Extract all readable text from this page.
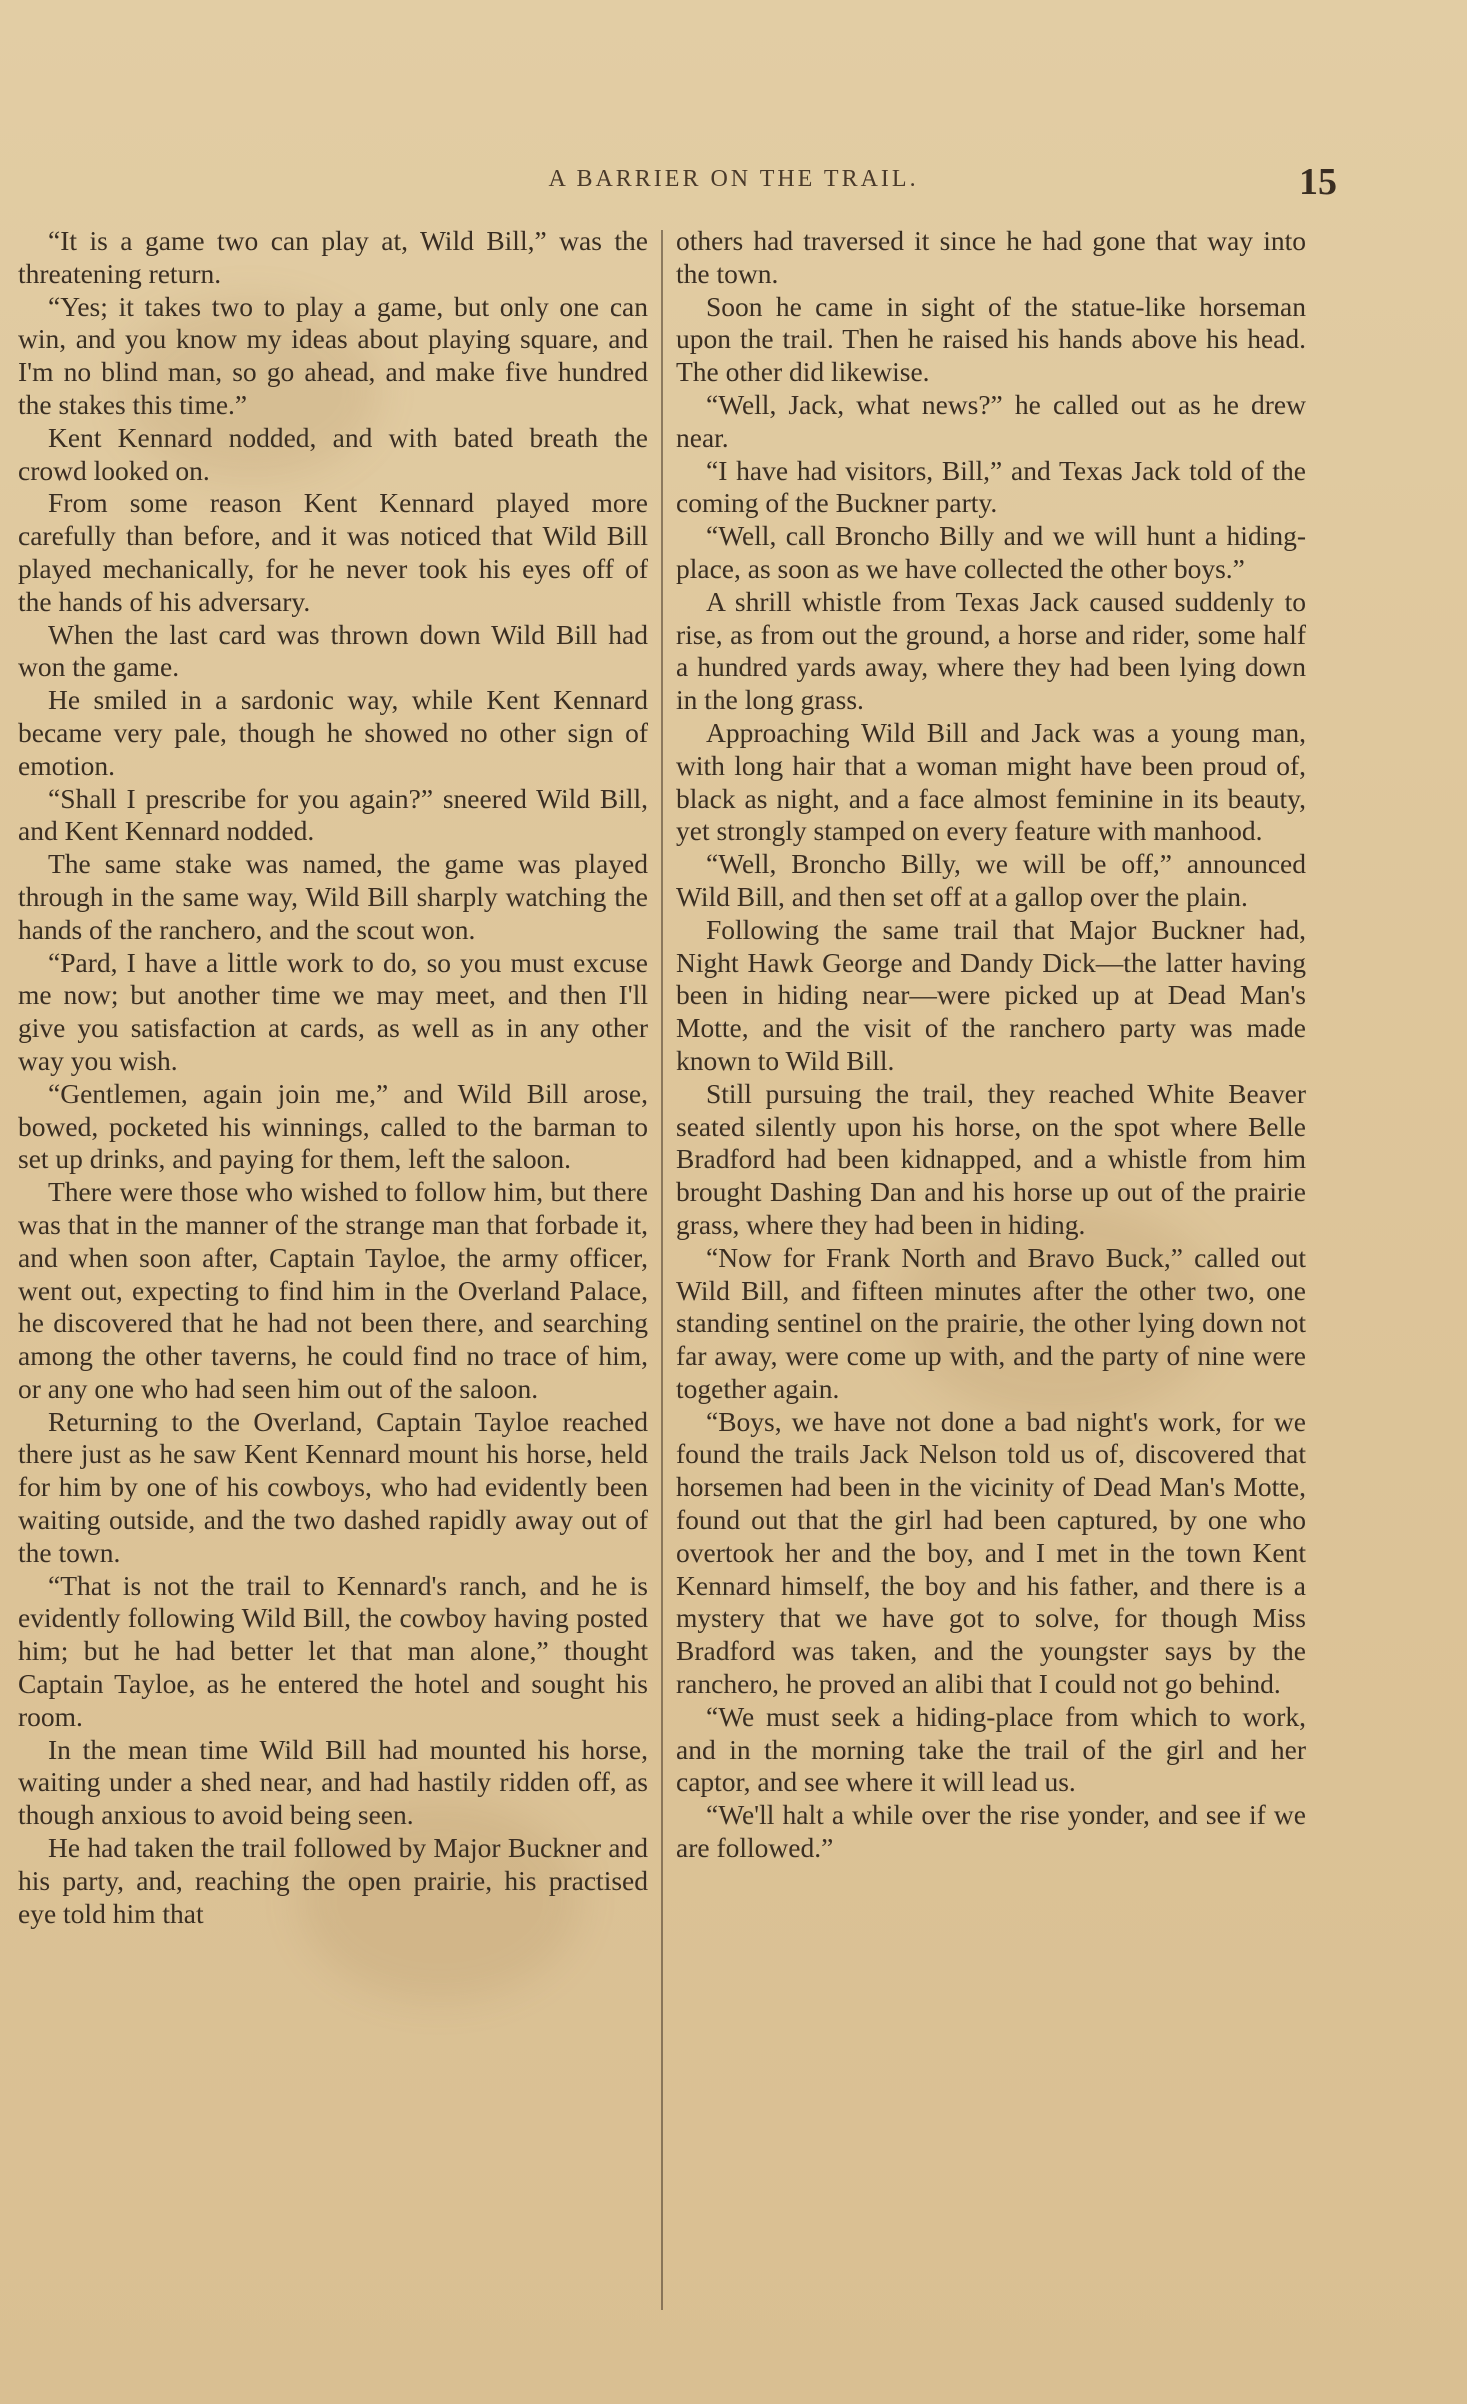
A BARRIER ON THE TRAIL.	15

“It is a game two can play at, Wild Bill,” was the threatening return.

“Yes; it takes two to play a game, but only one can win, and you know my ideas about playing square, and I'm no blind man, so go ahead, and make five hundred the stakes this time.”

Kent Kennard nodded, and with bated breath the crowd looked on.

From some reason Kent Kennard played more carefully than before, and it was noticed that Wild Bill played mechanically, for he never took his eyes off of the hands of his adversary.

When the last card was thrown down Wild Bill had won the game.

He smiled in a sardonic way, while Kent Kennard became very pale, though he showed no other sign of emotion.

“Shall I prescribe for you again?” sneered Wild Bill, and Kent Kennard nodded.

The same stake was named, the game was played through in the same way, Wild Bill sharply watching the hands of the ranchero, and the scout won.

“Pard, I have a little work to do, so you must excuse me now; but another time we may meet, and then I'll give you satisfaction at cards, as well as in any other way you wish.

“Gentlemen, again join me,” and Wild Bill arose, bowed, pocketed his winnings, called to the barman to set up drinks, and paying for them, left the saloon.

There were those who wished to follow him, but there was that in the manner of the strange man that forbade it, and when soon after, Captain Tayloe, the army officer, went out, expecting to find him in the Overland Palace, he discovered that he had not been there, and searching among the other taverns, he could find no trace of him, or any one who had seen him out of the saloon.

Returning to the Overland, Captain Tayloe reached there just as he saw Kent Kennard mount his horse, held for him by one of his cowboys, who had evidently been waiting outside, and the two dashed rapidly away out of the town.

“That is not the trail to Kennard's ranch, and he is evidently following Wild Bill, the cowboy having posted him; but he had better let that man alone,” thought Captain Tayloe, as he entered the hotel and sought his room.

In the mean time Wild Bill had mounted his horse, waiting under a shed near, and had hastily ridden off, as though anxious to avoid being seen.

He had taken the trail followed by Major Buckner and his party, and, reaching the open prairie, his practised eye told him that

others had traversed it since he had gone that way into the town.

Soon he came in sight of the statue-like horseman upon the trail. Then he raised his hands above his head. The other did likewise.

“Well, Jack, what news?” he called out as he drew near.

“I have had visitors, Bill,” and Texas Jack told of the coming of the Buckner party.

“Well, call Broncho Billy and we will hunt a hiding-place, as soon as we have collected the other boys.”

A shrill whistle from Texas Jack caused suddenly to rise, as from out the ground, a horse and rider, some half a hundred yards away, where they had been lying down in the long grass.

Approaching Wild Bill and Jack was a young man, with long hair that a woman might have been proud of, black as night, and a face almost feminine in its beauty, yet strongly stamped on every feature with manhood.

“Well, Broncho Billy, we will be off,” announced Wild Bill, and then set off at a gallop over the plain.

Following the same trail that Major Buckner had, Night Hawk George and Dandy Dick—the latter having been in hiding near—were picked up at Dead Man's Motte, and the visit of the ranchero party was made known to Wild Bill.

Still pursuing the trail, they reached White Beaver seated silently upon his horse, on the spot where Belle Bradford had been kidnapped, and a whistle from him brought Dashing Dan and his horse up out of the prairie grass, where they had been in hiding.

“Now for Frank North and Bravo Buck,” called out Wild Bill, and fifteen minutes after the other two, one standing sentinel on the prairie, the other lying down not far away, were come up with, and the party of nine were together again.

“Boys, we have not done a bad night's work, for we found the trails Jack Nelson told us of, discovered that horsemen had been in the vicinity of Dead Man's Motte, found out that the girl had been captured, by one who overtook her and the boy, and I met in the town Kent Kennard himself, the boy and his father, and there is a mystery that we have got to solve, for though Miss Bradford was taken, and the youngster says by the ranchero, he proved an alibi that I could not go behind.

“We must seek a hiding-place from which to work, and in the morning take the trail of the girl and her captor, and see where it will lead us.

“We'll halt a while over the rise yonder, and see if we are followed.”
